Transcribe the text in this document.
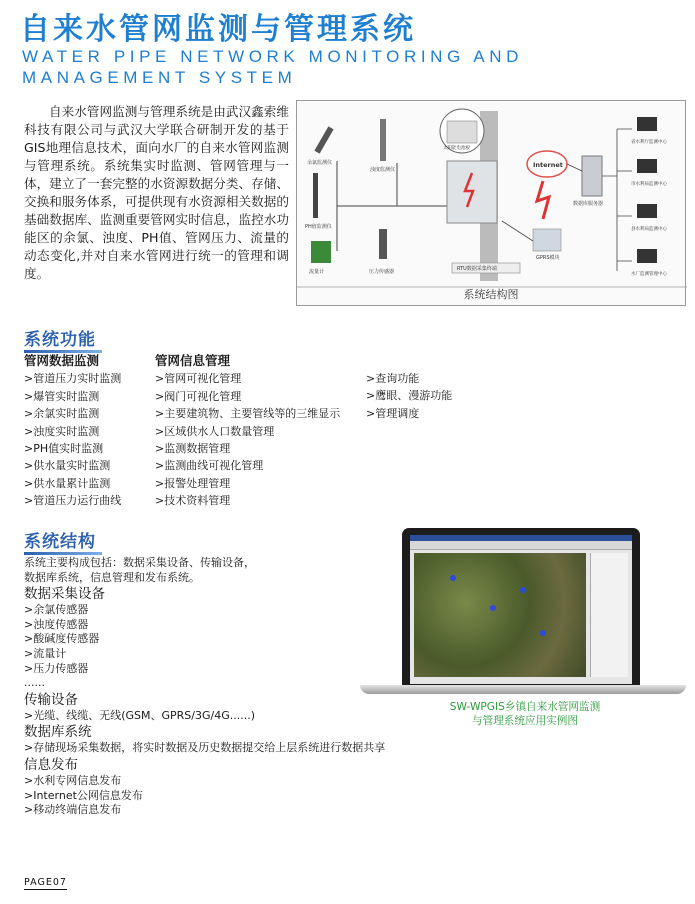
自来水管网监测与管理系统
WATER PIPE NETWORK MONITORING AND
MANAGEMENT SYSTEM

自来水管网监测与管理系统是由武汉鑫索维科技有限公司与武汉大学联合研制开发的基于GIS地理信息技术，面向水厂的自来水管网监测与管理系统。系统集实时监测、管网管理与一体，建立了一套完整的水资源数据分类、存储、交换和服务体系，可提供现有水资源相关数据的基础数据库、监测重要管网实时信息，监控水功能区的余氯、浊度、PH值、管网压力、流量的动态变化,并对自来水管网进行统一的管理和调度。

余氯监测仪
浊度监测仪
PH值监测仪
流量计	压力传感器
太阳能电池板
RTU数据采集终端
Internet
GPRS模块
数据库服务器
省水利厅监测中心
市水利局监测中心
县水利局监测中心
水厂监测管理中心
系统结构图
系统功能
管网数据监测
>管道压力实时监测
>爆管实时监测
>余氯实时监测
>浊度实时监测
>PH值实时监测
>供水量实时监测
>供水量累计监测
>管道压力运行曲线
管网信息管理
>管网可视化管理
>阀门可视化管理
>主要建筑物、主要管线等的三维显示
>区域供水人口数量管理
>监测数据管理
>监测曲线可视化管理
>报警处理管理
>技术资料管理
>查询功能
>鹰眼、漫游功能
>管理调度
系统结构
系统主要构成包括：数据采集设备、传输设备，
数据库系统，信息管理和发布系统。
数据采集设备
>余氯传感器
>浊度传感器
>酸碱度传感器
>流量计
>压力传感器
......
传输设备
>光缆、线缆、无线(GSM、GPRS/3G/4G......)
数据库系统
>存储现场采集数据，将实时数据及历史数据提交给上层系统进行数据共享
信息发布
>水利专网信息发布
>Internet公网信息发布
>移动终端信息发布
SW-WPGIS乡镇自来水管网监测
与管理系统应用实例图
PAGE07
